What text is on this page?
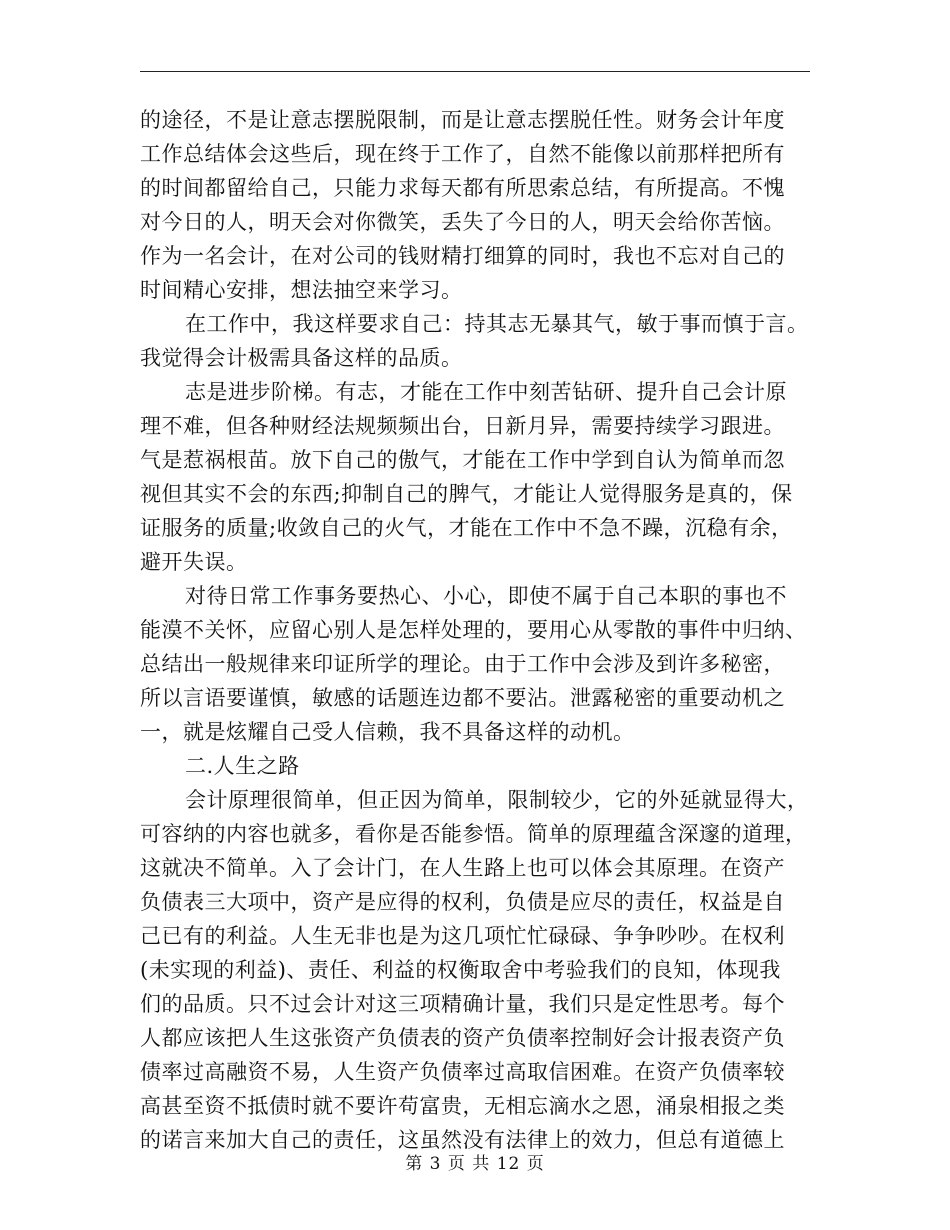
的途径，不是让意志摆脱限制，而是让意志摆脱任性。财务会计年度
工作总结体会这些后，现在终于工作了，自然不能像以前那样把所有
的时间都留给自己，只能力求每天都有所思索总结，有所提高。不愧
对今日的人，明天会对你微笑，丢失了今日的人，明天会给你苦恼。
作为一名会计，在对公司的钱财精打细算的同时，我也不忘对自己的
时间精心安排，想法抽空来学习。
在工作中，我这样要求自己：持其志无暴其气，敏于事而慎于言。
我觉得会计极需具备这样的品质。
志是进步阶梯。有志，才能在工作中刻苦钻研、提升自己会计原
理不难，但各种财经法规频频出台，日新月异，需要持续学习跟进。
气是惹祸根苗。放下自己的傲气，才能在工作中学到自认为简单而忽
视但其实不会的东西;抑制自己的脾气，才能让人觉得服务是真的，保
证服务的质量;收敛自己的火气，才能在工作中不急不躁，沉稳有余，
避开失误。
对待日常工作事务要热心、小心，即使不属于自己本职的事也不
能漠不关怀，应留心别人是怎样处理的，要用心从零散的事件中归纳、
总结出一般规律来印证所学的理论。由于工作中会涉及到许多秘密，
所以言语要谨慎，敏感的话题连边都不要沾。泄露秘密的重要动机之
一，就是炫耀自己受人信赖，我不具备这样的动机。
二.人生之路
会计原理很简单，但正因为简单，限制较少，它的外延就显得大，
可容纳的内容也就多，看你是否能参悟。简单的原理蕴含深邃的道理，
这就决不简单。入了会计门，在人生路上也可以体会其原理。在资产
负债表三大项中，资产是应得的权利，负债是应尽的责任，权益是自
己已有的利益。人生无非也是为这几项忙忙碌碌、争争吵吵。在权利
(未实现的利益)、责任、利益的权衡取舍中考验我们的良知，体现我
们的品质。只不过会计对这三项精确计量，我们只是定性思考。每个
人都应该把人生这张资产负债表的资产负债率控制好会计报表资产负
债率过高融资不易，人生资产负债率过高取信困难。在资产负债率较
高甚至资不抵债时就不要许苟富贵，无相忘滴水之恩，涌泉相报之类
的诺言来加大自己的责任，这虽然没有法律上的效力，但总有道德上
第 3 页 共 12 页
